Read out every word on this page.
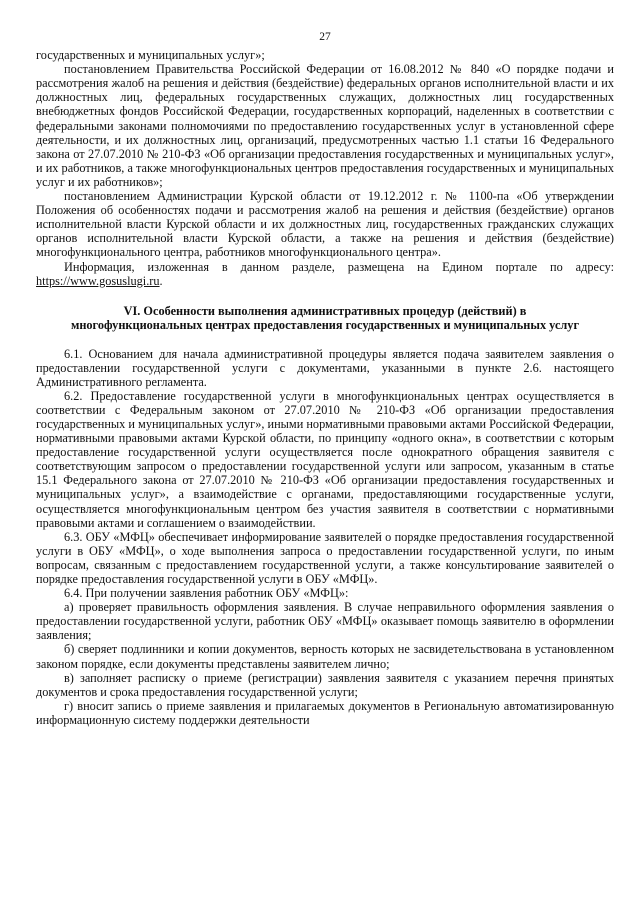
27

государственных и муниципальных услуг»;

постановлением Правительства Российской Федерации от 16.08.2012 № 840 «О порядке подачи и рассмотрения жалоб на решения и действия (бездействие) федеральных органов исполнительной власти и их должностных лиц, федеральных государственных служащих, должностных лиц государственных внебюджетных фондов Российской Федерации, государственных корпораций, наделенных в соответствии с федеральными законами полномочиями по предоставлению государственных услуг в установленной сфере деятельности, и их должностных лиц, организаций, предусмотренных частью 1.1 статьи 16 Федерального закона от 27.07.2010 № 210-ФЗ «Об организации предоставления государственных и муниципальных услуг», и их работников, а также многофункциональных центров предоставления государственных и муниципальных услуг и их работников»;

постановлением Администрации Курской области от 19.12.2012 г. № 1100-па «Об утверждении Положения об особенностях подачи и рассмотрения жалоб на решения и действия (бездействие) органов исполнительной власти Курской области и их должностных лиц, государственных гражданских служащих органов исполнительной власти Курской области, а также на решения и действия (бездействие) многофункционального центра, работников многофункционального центра».

Информация, изложенная в данном разделе, размещена на Едином портале по адресу: https://www.gosuslugi.ru.

VI. Особенности выполнения административных процедур (действий) в
многофункциональных центрах предоставления государственных и муниципальных услуг

6.1. Основанием для начала административной процедуры является подача заявителем заявления о предоставлении государственной услуги с документами, указанными в пункте 2.6. настоящего Административного регламента.

6.2. Предоставление государственной услуги в многофункциональных центрах осуществляется в соответствии с Федеральным законом от 27.07.2010 № 210-ФЗ «Об организации предоставления государственных и муниципальных услуг», иными нормативными правовыми актами Российской Федерации, нормативными правовыми актами Курской области, по принципу «одного окна», в соответствии с которым предоставление государственной услуги осуществляется после однократного обращения заявителя с соответствующим запросом о предоставлении государственной услуги или запросом, указанным в статье 15.1 Федерального закона от 27.07.2010 № 210-ФЗ «Об организации предоставления государственных и муниципальных услуг», а взаимодействие с органами, предоставляющими государственные услуги, осуществляется многофункциональным центром без участия заявителя в соответствии с нормативными правовыми актами и соглашением о взаимодействии.

6.3. ОБУ «МФЦ» обеспечивает информирование заявителей о порядке предоставления государственной услуги в ОБУ «МФЦ», о ходе выполнения запроса о предоставлении государственной услуги, по иным вопросам, связанным с предоставлением государственной услуги, а также консультирование заявителей о порядке предоставления государственной услуги в ОБУ «МФЦ».

6.4. При получении заявления работник ОБУ «МФЦ»:

а) проверяет правильность оформления заявления. В случае неправильного оформления заявления о предоставлении государственной услуги, работник ОБУ «МФЦ» оказывает помощь заявителю в оформлении заявления;

б) сверяет подлинники и копии документов, верность которых не засвидетельствована в установленном законом порядке, если документы представлены заявителем лично;

в) заполняет расписку о приеме (регистрации) заявления заявителя с указанием перечня принятых документов и срока предоставления государственной услуги;

г) вносит запись о приеме заявления и прилагаемых документов в Региональную автоматизированную информационную систему поддержки деятельности
